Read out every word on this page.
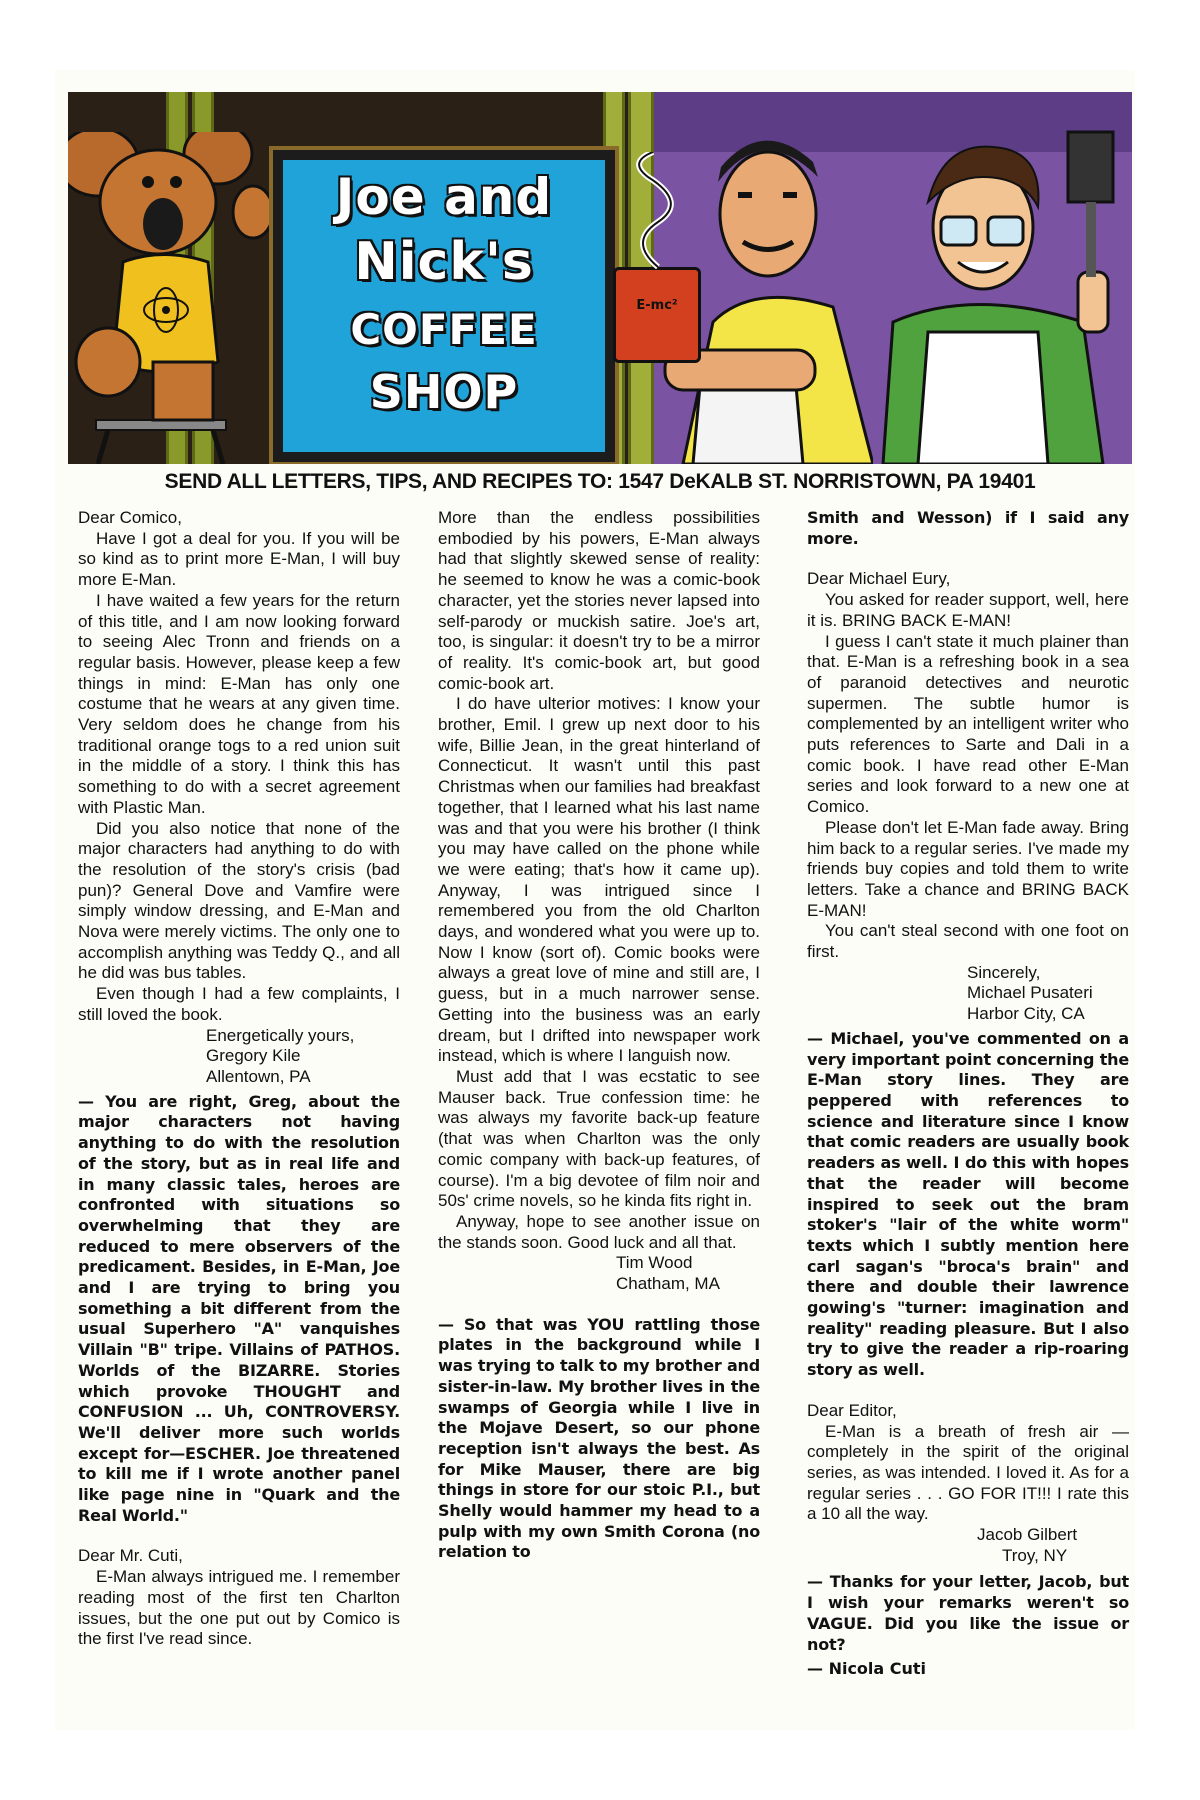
Joe and
Nick's
COFFEE
SHOP
E-mc²
SEND ALL LETTERS, TIPS, AND RECIPES TO: 1547 DeKALB ST. NORRISTOWN, PA 19401

Dear Comico,

Have I got a deal for you. If you will be so kind as to print more E-Man, I will buy more E-Man.

I have waited a few years for the return of this title, and I am now looking forward to seeing Alec Tronn and friends on a regular basis. However, please keep a few things in mind: E-Man has only one costume that he wears at any given time. Very seldom does he change from his traditional orange togs to a red union suit in the middle of a story. I think this has something to do with a secret agreement with Plastic Man.

Did you also notice that none of the major characters had anything to do with the resolution of the story's crisis (bad pun)? General Dove and Vamfire were simply window dressing, and E-Man and Nova were merely victims. The only one to accomplish anything was Teddy Q., and all he did was bus tables.

Even though I had a few complaints, I still loved the book.

Energetically yours,

Gregory Kile

Allentown, PA

— You are right, Greg, about the major characters not having anything to do with the resolution of the story, but as in real life and in many classic tales, heroes are confronted with situations so overwhelming that they are reduced to mere observers of the predicament. Besides, in E-Man, Joe and I are trying to bring you something a bit different from the usual Superhero "A" vanquishes Villain "B" tripe. Villains of PATHOS. Worlds of the BIZARRE. Stories which provoke THOUGHT and CONFUSION ... Uh, CONTROVERSY. We'll deliver more such worlds except for—ESCHER. Joe threatened to kill me if I wrote another panel like page nine in "Quark and the Real World."

Dear Mr. Cuti,

E-Man always intrigued me. I remember reading most of the first ten Charlton issues, but the one put out by Comico is the first I've read since.

More than the endless possibilities embodied by his powers, E-Man always had that slightly skewed sense of reality: he seemed to know he was a comic-book character, yet the stories never lapsed into self-parody or muckish satire. Joe's art, too, is singular: it doesn't try to be a mirror of reality. It's comic-book art, but good comic-book art.

I do have ulterior motives: I know your brother, Emil. I grew up next door to his wife, Billie Jean, in the great hinterland of Connecticut. It wasn't until this past Christmas when our families had breakfast together, that I learned what his last name was and that you were his brother (I think you may have called on the phone while we were eating; that's how it came up). Anyway, I was intrigued since I remembered you from the old Charlton days, and wondered what you were up to. Now I know (sort of). Comic books were always a great love of mine and still are, I guess, but in a much narrower sense. Getting into the business was an early dream, but I drifted into newspaper work instead, which is where I languish now.

Must add that I was ecstatic to see Mauser back. True confession time: he was always my favorite back-up feature (that was when Charlton was the only comic company with back-up features, of course). I'm a big devotee of film noir and 50s' crime novels, so he kinda fits right in.

Anyway, hope to see another issue on the stands soon. Good luck and all that.

Tim Wood

Chatham, MA

— So that was YOU rattling those plates in the background while I was trying to talk to my brother and sister-in-law. My brother lives in the swamps of Georgia while I live in the Mojave Desert, so our phone reception isn't always the best. As for Mike Mauser, there are big things in store for our stoic P.I., but Shelly would hammer my head to a pulp with my own Smith Corona (no relation to

Smith and Wesson) if I said any more.

Dear Michael Eury,

You asked for reader support, well, here it is. BRING BACK E-MAN!

I guess I can't state it much plainer than that. E-Man is a refreshing book in a sea of paranoid detectives and neurotic supermen. The subtle humor is complemented by an intelligent writer who puts references to Sarte and Dali in a comic book. I have read other E-Man series and look forward to a new one at Comico.

Please don't let E-Man fade away. Bring him back to a regular series. I've made my friends buy copies and told them to write letters. Take a chance and BRING BACK E-MAN!

You can't steal second with one foot on first.

Sincerely,

Michael Pusateri

Harbor City, CA

— Michael, you've commented on a very important point concerning the E-Man story lines. They are peppered with references to science and literature since I know that comic readers are usually book readers as well. I do this with hopes that the reader will become inspired to seek out the bram stoker's "lair of the white worm" texts which I subtly mention here carl sagan's "broca's brain" and there and double their lawrence gowing's "turner: imagination and reality" reading pleasure. But I also try to give the reader a rip-roaring story as well.

Dear Editor,

E-Man is a breath of fresh air — completely in the spirit of the original series, as was intended. I loved it. As for a regular series . . . GO FOR IT!!! I rate this a 10 all the way.

Jacob Gilbert

Troy, NY

— Thanks for your letter, Jacob, but I wish your remarks weren't so VAGUE. Did you like the issue or not?

— Nicola Cuti
